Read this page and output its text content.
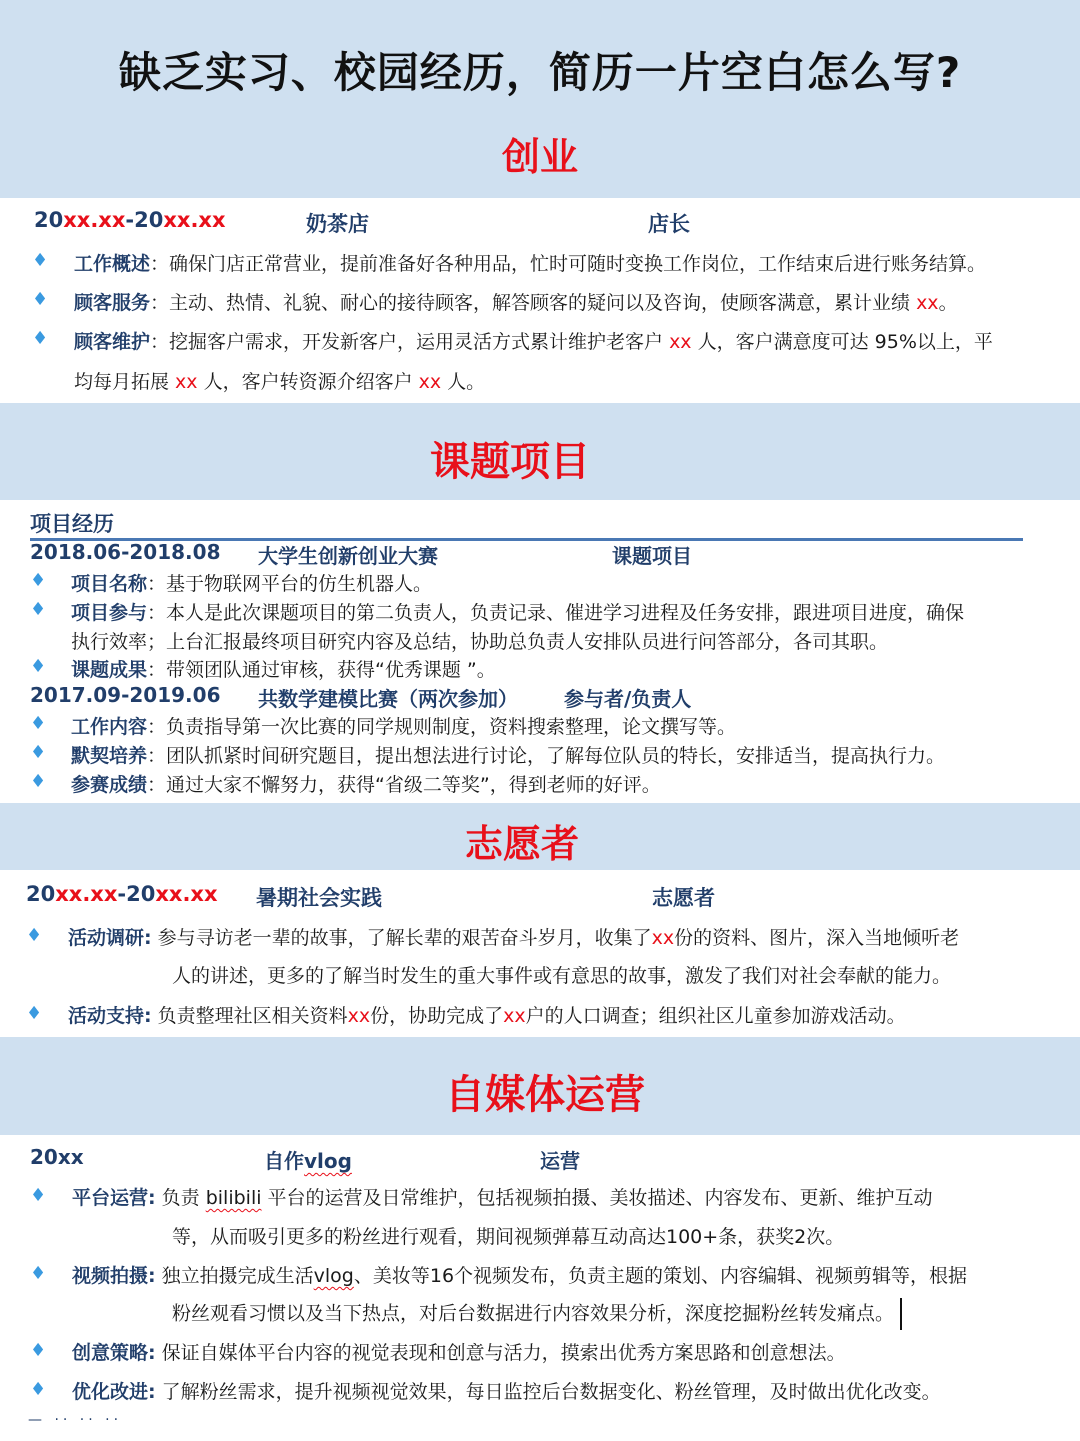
缺乏实习、校园经历，简历一片空白怎么写?
创业
20xx.xx-20xx.xx	奶茶店	店长
♦ 工作概述：确保门店正常营业，提前准备好各种用品，忙时可随时变换工作岗位，工作结束后进行账务结算。
♦ 顾客服务：主动、热情、礼貌、耐心的接待顾客，解答顾客的疑问以及咨询，使顾客满意，累计业绩 xx。
♦ 顾客维护：挖掘客户需求，开发新客户，运用灵活方式累计维护老客户 xx 人，客户满意度可达 95%以上，平
均每月拓展 xx 人，客户转资源介绍客户 xx 人。
课题项目
项目经历
2018.06-2018.08 大学生创新创业大赛	课题项目
♦ 项目名称：基于物联网平台的仿生机器人。
♦ 项目参与：本人是此次课题项目的第二负责人，负责记录、催进学习进程及任务安排，跟进项目进度，确保
执行效率；上台汇报最终项目研究内容及总结，协助总负责人安排队员进行问答部分，各司其职。
♦ 课题成果：带领团队通过审核，获得“优秀课题 ”。
2017.09-2019.06 共数学建模比赛（两次参加） 参与者/负责人
♦ 工作内容：负责指导第一次比赛的同学规则制度，资料搜索整理，论文撰写等。
♦ 默契培养：团队抓紧时间研究题目，提出想法进行讨论，了解每位队员的特长，安排适当，提高执行力。
♦ 参赛成绩：通过大家不懈努力，获得“省级二等奖”，得到老师的好评。
志愿者
20xx.xx-20xx.xx 暑期社会实践	志愿者
♦ 活动调研: 参与寻访老一辈的故事，了解长辈的艰苦奋斗岁月，收集了xx份的资料、图片，深入当地倾听老
人的讲述，更多的了解当时发生的重大事件或有意思的故事，激发了我们对社会奉献的能力。
♦ 活动支持: 负责整理社区相关资料xx份，协助完成了xx户的人口调查；组织社区儿童参加游戏活动。
自媒体运营
20xx	自作vlog	运营
♦ 平台运营: 负责 bilibili 平台的运营及日常维护，包括视频拍摄、美妆描述、内容发布、更新、维护互动
等，从而吸引更多的粉丝进行观看，期间视频弹幕互动高达100+条，获奖2次。
♦ 视频拍摄: 独立拍摄完成生活vlog、美妆等16个视频发布，负责主题的策划、内容编辑、视频剪辑等，根据
粉丝观看习惯以及当下热点，对后台数据进行内容效果分析，深度挖掘粉丝转发痛点。
♦ 创意策略: 保证自媒体平台内容的视觉表现和创意与活力，摸索出优秀方案思路和创意想法。
♦ 优化改进: 了解粉丝需求，提升视频视觉效果，每日监控后台数据变化、粉丝管理，及时做出优化改变。
— ·· ·· ··
